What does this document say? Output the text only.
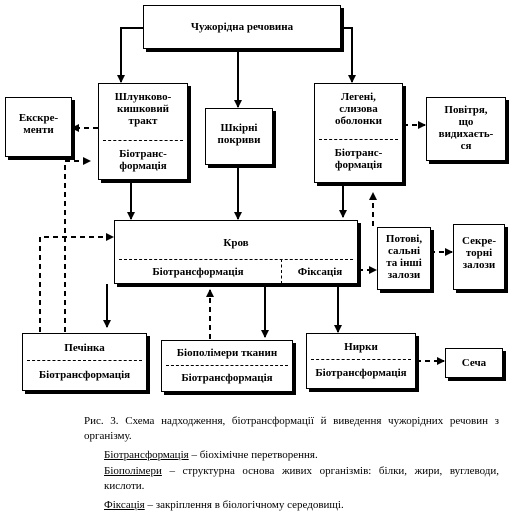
Чужорідна речовина

Екскре-
менти

Шлунково-
кишковий
тракт

Біотранс-
формація

Шкірні
покриви

Легені,
слизова
оболонки

Біотранс-
формація

Повітря,
що
видихаєть-
ся

Кров
Біотрансформація	Фіксація

Потові,
сальні
та інші
залози

Секре-
торні
залози

Печінка
Біотрансформація
Біополімери тканин
Біотрансформація
Нирки
Біотрансформація
Сеча
Рис. 3. Схема надходження, біотрансформації й виведення чужорідних речовин з організму.
Біотрансформація – біохімічне перетворення.
Біополімери – структурна основа живих організмів: білки, жири, вуглеводи, кислоти.
Фіксація – закріплення в біологічному середовищі.
